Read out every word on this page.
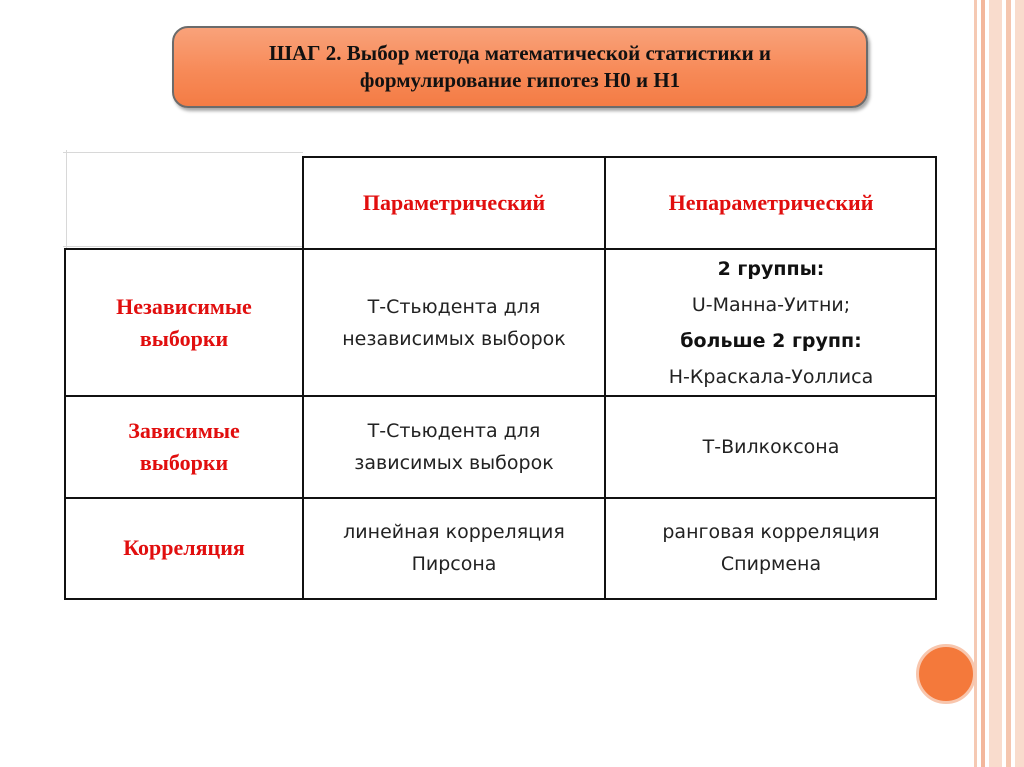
ШАГ 2. Выбор метода математической статистики и
формулирование гипотез Н0 и Н1
Параметрический	Непараметрический
Независимые
выборки
Т-Стьюдента для
независимых выборок
2 группы:
U-Манна-Уитни;
больше 2 групп:
Н-Краскала-Уоллиса
Зависимые
выборки
Т-Стьюдента для
зависимых выборок
Т-Вилкоксона
Корреляция
линейная корреляция
Пирсона
ранговая корреляция
Спирмена
